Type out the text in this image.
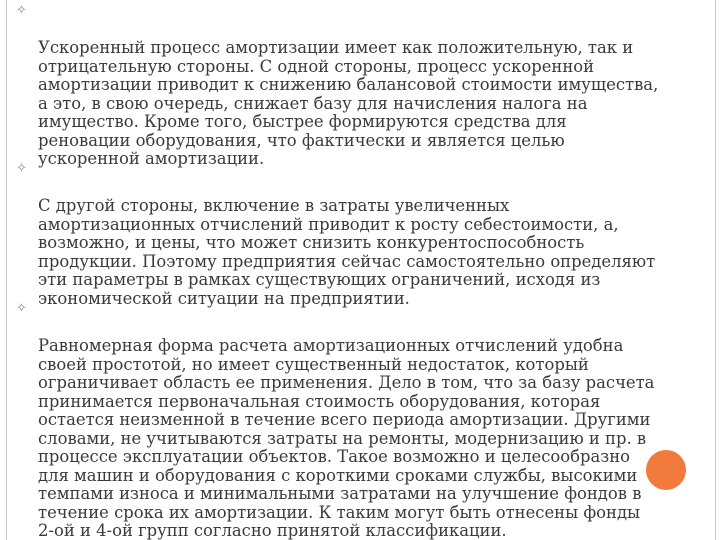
✧

Ускоренный процесс амортизации имеет как положительную, так и
отрицательную стороны. С одной стороны, процесс ускоренной
амортизации приводит к снижению балансовой стоимости имущества,
а это, в свою очередь, снижает базу для начисления налога на
имущество. Кроме того, быстрее формируются средства для
реновации оборудования, что фактически и является целью
ускоренной амортизации.

✧

С другой стороны, включение в затраты увеличенных
амортизационных отчислений приводит к росту себестоимости, а,
возможно, и цены, что может снизить конкурентоспособность
продукции. Поэтому предприятия сейчас самостоятельно определяют
эти параметры в рамках существующих ограничений, исходя из
экономической ситуации на предприятии.

✧

Равномерная форма расчета амортизационных отчислений удобна
своей простотой, но имеет существенный недостаток, который
ограничивает область ее применения. Дело в том, что за базу расчета
принимается первоначальная стоимость оборудования, которая
остается неизменной в течение всего периода амортизации. Другими
словами, не учитываются затраты на ремонты, модернизацию и пр. в
процессе эксплуатации объектов. Такое возможно и целесообразно
для машин и оборудования с короткими сроками службы, высокими
темпами износа и минимальными затратами на улучшение фондов в
течение срока их амортизации. К таким могут быть отнесены фонды
2-ой и 4-ой групп согласно принятой классификации.
